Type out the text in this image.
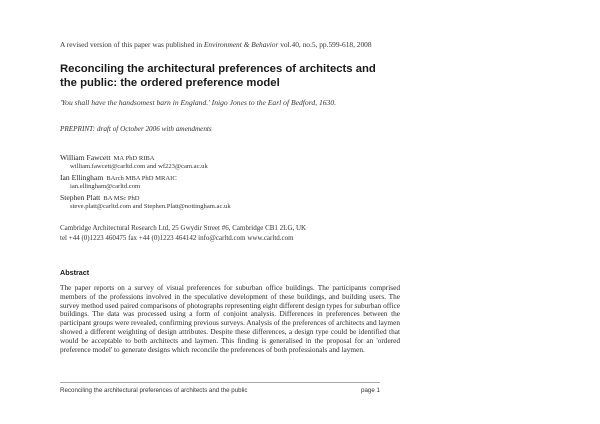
A revised version of this paper was published in Environment & Behavior vol.40, no.5, pp.599-618, 2008
Reconciling the architectural preferences of architects and the public: the ordered preference model
'You shall have the handsomest barn in England.' Inigo Jones to the Earl of Bedford, 1630.
PREPRINT: draft of October 2006 with amendments
William Fawcett MA PhD RIBA
william.fawcett@carltd.com and wf223@cam.ac.uk
Ian Ellingham BArch MBA PhD MRAIC
ian.ellingham@carltd.com
Stephen Platt BA MSc PhD
steve.platt@carltd.com and Stephen.Platt@nottingham.ac.uk
Cambridge Architectural Research Ltd, 25 Gwydir Street #6, Cambridge CB1 2LG, UK
tel +44 (0)1223 460475 fax +44 (0)1223 464142 info@carltd.com www.carltd.com
Abstract
The paper reports on a survey of visual preferences for suburban office buildings. The participants comprised members of the professions involved in the speculative development of these buildings, and building users. The survey method used paired comparisons of photographs representing eight different design types for suburban office buildings. The data was processed using a form of conjoint analysis. Differences in preferences between the participant groups were revealed, confirming previous surveys. Analysis of the preferences of architects and laymen showed a different weighting of design attributes. Despite these differences, a design type could be identified that would be acceptable to both architects and laymen. This finding is generalised in the proposal for an 'ordered preference model' to generate designs which reconcile the preferences of both professionals and laymen.
Reconciling the architectural preferences of architects and the public	page 1
